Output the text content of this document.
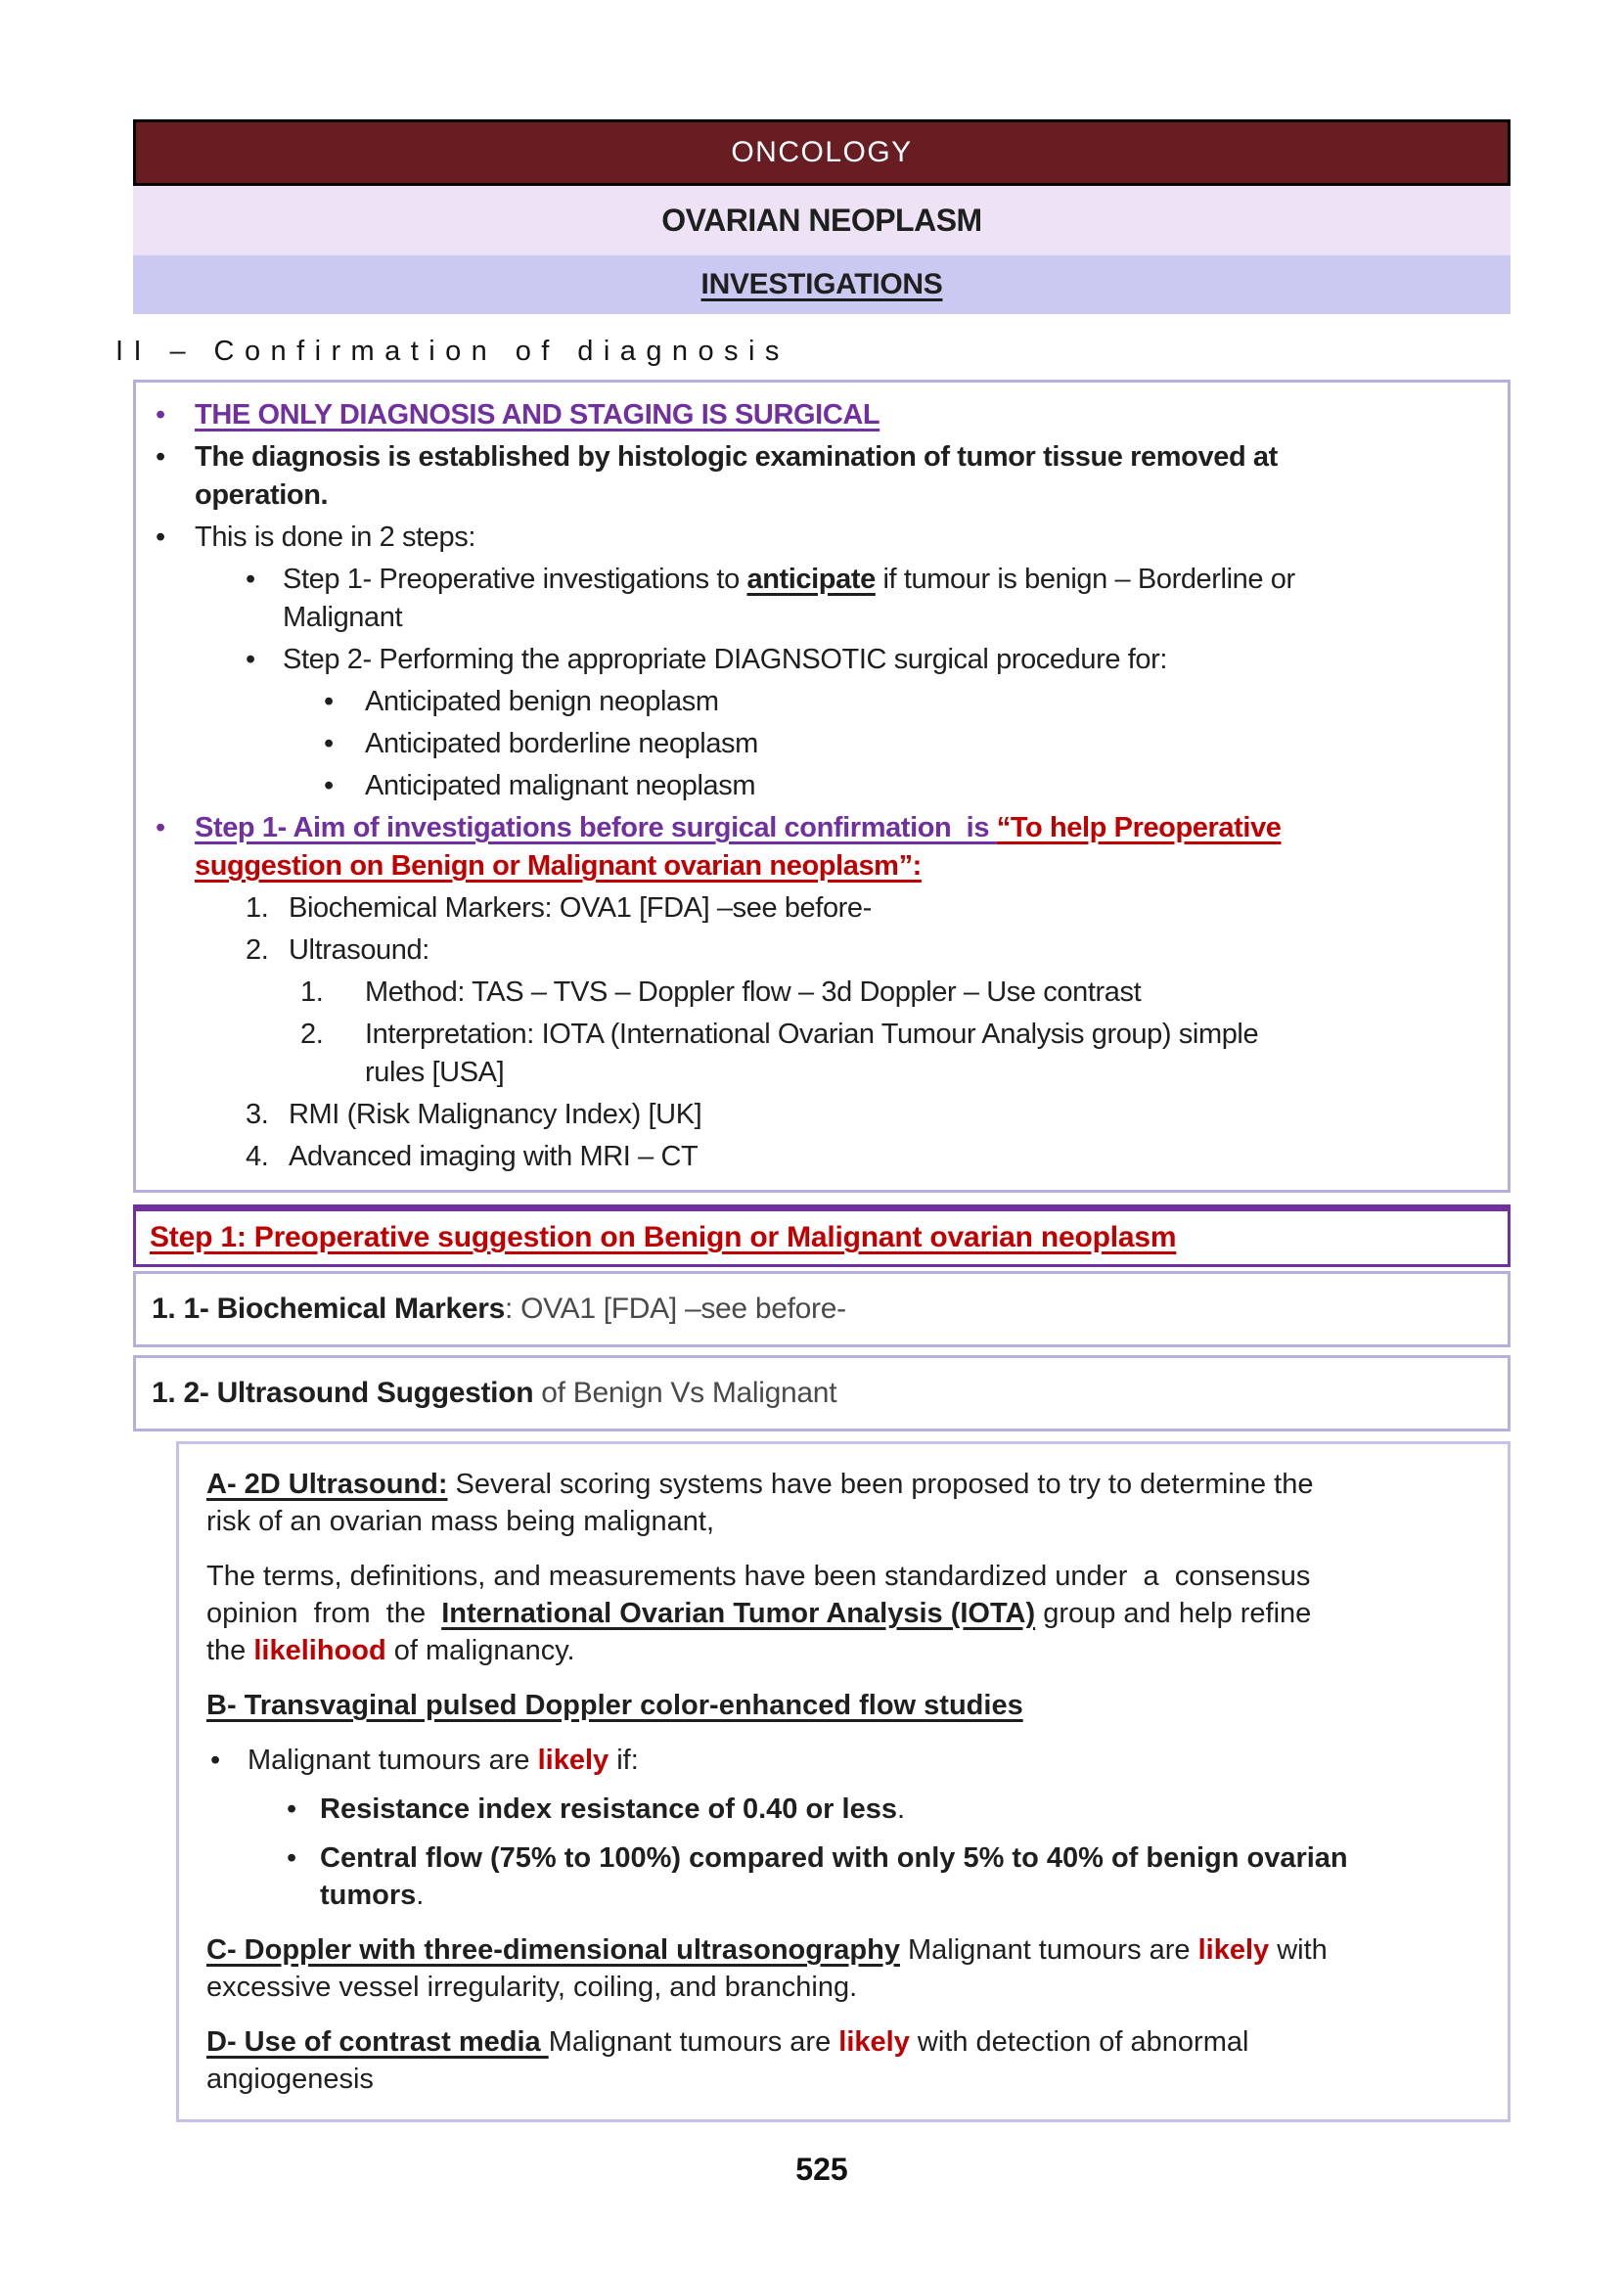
ONCOLOGY
OVARIAN NEOPLASM
INVESTIGATIONS
II – Confirmation of diagnosis
•	THE ONLY DIAGNOSIS AND STAGING IS SURGICAL
•	The diagnosis is established by histologic examination of tumor tissue removed at
operation.
•	This is done in 2 steps:
• Step 1- Preoperative investigations to anticipate if tumour is benign – Borderline or
Malignant
• Step 2- Performing the appropriate DIAGNSOTIC surgical procedure for:
•	Anticipated benign neoplasm
•	Anticipated borderline neoplasm
•	Anticipated malignant neoplasm
•	Step 1- Aim of investigations before surgical confirmation  is “To help Preoperative
suggestion on Benign or Malignant ovarian neoplasm”:
1. Biochemical Markers: OVA1 [FDA] –see before-
2. Ultrasound:
1.	Method: TAS – TVS – Doppler flow – 3d Doppler – Use contrast
2.	Interpretation: IOTA (International Ovarian Tumour Analysis group) simple
rules [USA]
3. RMI (Risk Malignancy Index) [UK]
4. Advanced imaging with MRI – CT
Step 1: Preoperative suggestion on Benign or Malignant ovarian neoplasm
1. 1- Biochemical Markers: OVA1 [FDA] –see before-
1. 2- Ultrasound Suggestion of Benign Vs Malignant
A- 2D Ultrasound: Several scoring systems have been proposed to try to determine the
risk of an ovarian mass being malignant,
The terms, definitions, and measurements have been standardized under  a  consensus
opinion  from  the  International Ovarian Tumor Analysis (IOTA) group and help refine
the likelihood of malignancy.
B- Transvaginal pulsed Doppler color-enhanced flow studies
• Malignant tumours are likely if:
• Resistance index resistance of 0.40 or less.
• Central flow (75% to 100%) compared with only 5% to 40% of benign ovarian
tumors.
C- Doppler with three-dimensional ultrasonography Malignant tumours are likely with
excessive vessel irregularity, coiling, and branching.
D- Use of contrast media Malignant tumours are likely with detection of abnormal
angiogenesis
525
